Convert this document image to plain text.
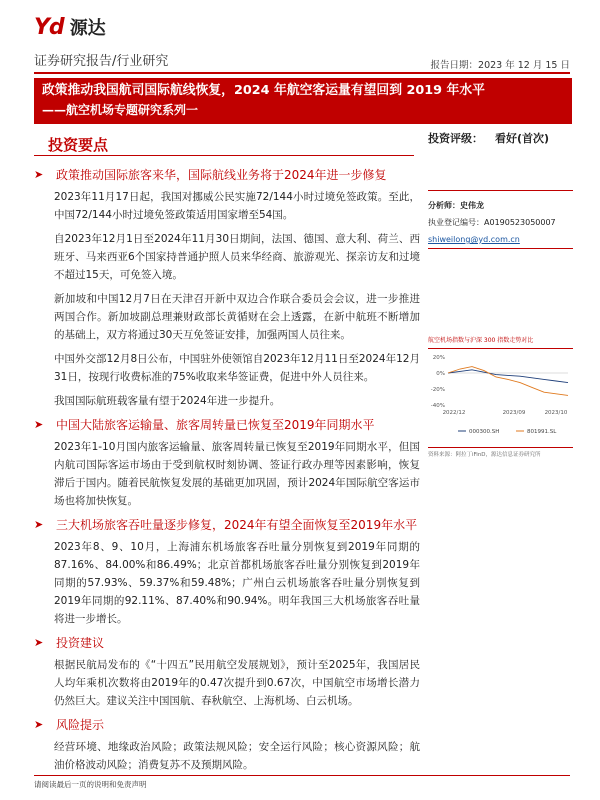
Yd 源达
证券研究报告/行业研究	报告日期：2023 年 12 月 15 日
政策推动我国航司国际航线恢复，2024 年航空客运量有望回到 2019 年水平
——航空机场专题研究系列一
投资要点
➤	政策推动国际旅客来华，国际航线业务将于2024年进一步修复

2023年11月17日起，我国对挪威公民实施72/144小时过境免签政策。至此，中国72/144小时过境免签政策适用国家增至54国。

自2023年12月1日至2024年11月30日期间，法国、德国、意大利、荷兰、西班牙、马来西亚6个国家持普通护照人员来华经商、旅游观光、探亲访友和过境不超过15天，可免签入境。

新加坡和中国12月7日在天津召开新中双边合作联合委员会会议，进一步推进两国合作。新加坡副总理兼财政部长黄循财在会上透露，在新中航班不断增加的基础上，双方将通过30天互免签证安排，加强两国人员往来。

中国外交部12月8日公布，中国驻外使领馆自2023年12月11日至2024年12月31日，按现行收费标准的75%收取来华签证费，促进中外人员往来。

我国国际航班载客量有望于2024年进一步提升。

➤	中国大陆旅客运输量、旅客周转量已恢复至2019年同期水平

2023年1-10月国内旅客运输量、旅客周转量已恢复至2019年同期水平，但国内航司国际客运市场由于受到航权时刻协调、签证行政办理等因素影响，恢复滞后于国内。随着民航恢复发展的基础更加巩固，预计2024年国际航空客运市场也将加快恢复。

➤	三大机场旅客吞吐量逐步修复，2024年有望全面恢复至2019年水平

2023年8、9、10月，上海浦东机场旅客吞吐量分别恢复到2019年同期的87.16%、84.00%和86.49%；北京首都机场旅客吞吐量分别恢复到2019年同期的57.93%、59.37%和59.48%；广州白云机场旅客吞吐量分别恢复到2019年同期的92.11%、87.40%和90.94%。明年我国三大机场旅客吞吐量将进一步增长。

➤	投资建议

根据民航局发布的《“十四五”民用航空发展规划》，预计至2025年，我国居民人均年乘机次数将由2019年的0.47次提升到0.67次，中国航空市场增长潜力仍然巨大。建议关注中国国航、春秋航空、上海机场、白云机场。

➤	风险提示

经营环境、地缘政治风险；政策法规风险；安全运行风险；核心资源风险；航油价格波动风险；消费复苏不及预期风险。

投资评级： 看好(首次)
分析师：史伟龙
执业登记编号：A0190523050007
shiweilong@yd.com.cn
航空机场指数与沪深 300 指数走势对比
20%
0%
-20%
-40%
2022/12	2023/09	2023/10
000300.SH	801991.SL
资料来源：阿拉丁iFinD，源达信息证券研究所
请阅读最后一页的说明和免责声明
